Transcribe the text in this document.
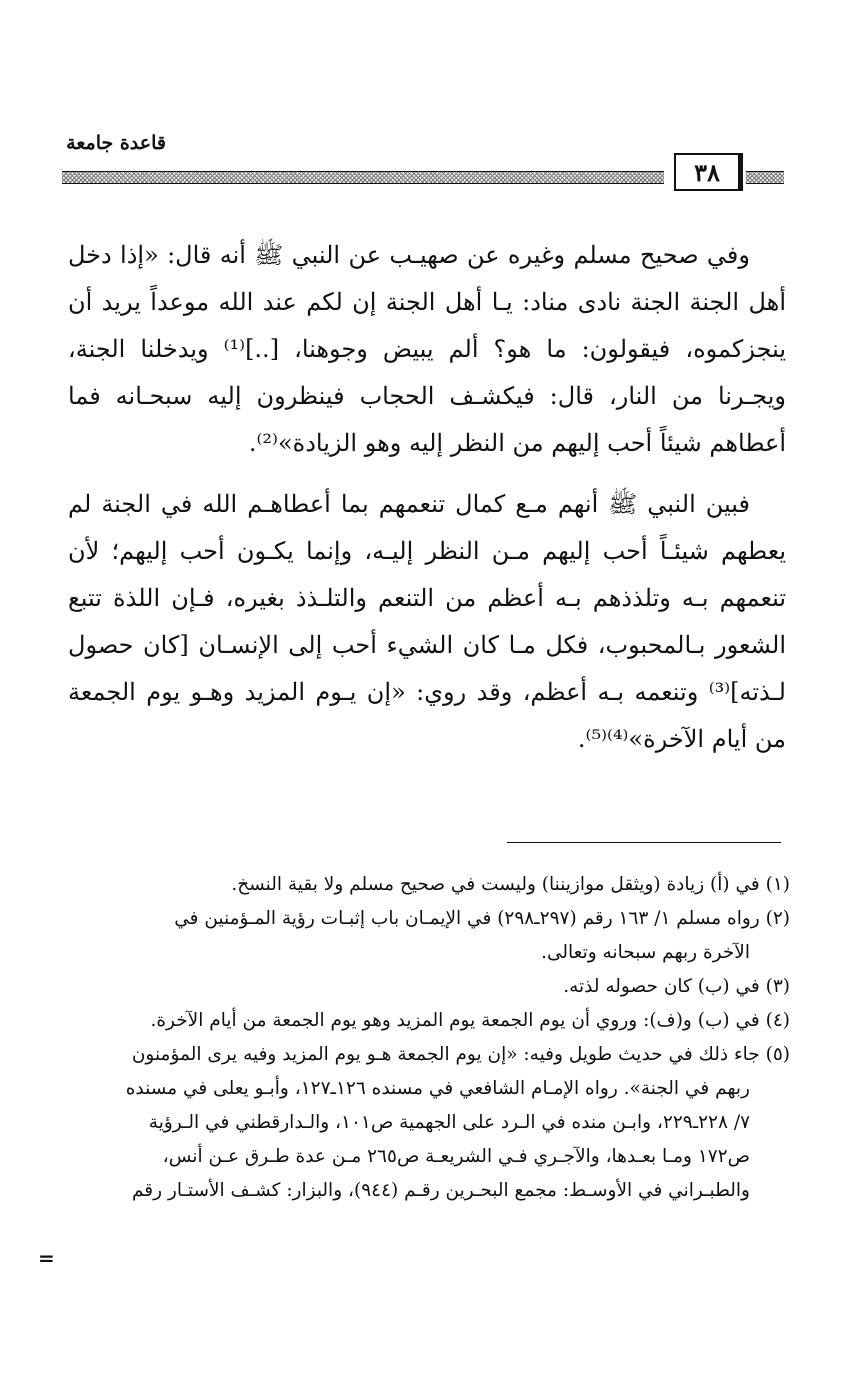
قاعدة جامعة
٣٨

وفي صحيح مسلم وغيره عن صهيـب عن النبي ﷺ أنه قال: «إذا دخل أهل الجنة الجنة نادى مناد: يـا أهل الجنة إن لكم عند الله موعداً يريد أن ينجزكموه، فيقولون: ما هو؟ ألم يبيض وجوهنا، [..]⁽¹⁾ ويدخلنا الجنة، ويجـرنا من النار، قال: فيكشـف الحجاب فينظرون إليه سبحـانه فما أعطاهم شيئاً أحب إليهم من النظر إليه وهو الزيادة»⁽²⁾.

فبين النبي ﷺ أنهم مـع كمال تنعمهم بما أعطاهـم الله في الجنة لم يعطهم شيئـاً أحب إليهم مـن النظر إليـه، وإنما يكـون أحب إليهم؛ لأن تنعمهم بـه وتلذذهم بـه أعظم من التنعم والتلـذذ بغيره، فـإن اللذة تتبع الشعور بـالمحبوب، فكل مـا كان الشيء أحب إلى الإنسـان [كان حصول لـذته]⁽³⁾ وتنعمه بـه أعظم، وقد روي: «إن يـوم المزيد وهـو يوم الجمعة من أيام الآخرة»⁽⁴⁾⁽⁵⁾.

(١) في (أ) زيادة (ويثقل موازيننا) وليست في صحيح مسلم ولا بقية النسخ.
(٢) رواه مسلم ١/ ١٦٣ رقم (٢٩٧ـ٢٩٨) في الإيمـان باب إثبـات رؤية المـؤمنين في
الآخرة ربهم سبحانه وتعالى.
(٣) في (ب) كان حصوله لذته.
(٤) في (ب) و(ف): وروي أن يوم الجمعة يوم المزيد وهو يوم الجمعة من أيام الآخرة.
(٥) جاء ذلك في حديث طويل وفيه: «إن يوم الجمعة هـو يوم المزيد وفيه يرى المؤمنون
ربهم في الجنة». رواه الإمـام الشافعي في مسنده ١٢٦ـ١٢٧، وأبـو يعلى في مسنده
٧/ ٢٢٨ـ٢٢٩، وابـن منده في الـرد على الجهمية ص١٠١، والـدارقطني في الـرؤية
ص١٧٢ ومـا بعـدها، والآجـري فـي الشريعـة ص٢٦٥ مـن عدة طـرق عـن أنس،
والطبـراني في الأوسـط: مجمع البحـرين رقـم (٩٤٤)، والبزار: كشـف الأستـار رقم
=
